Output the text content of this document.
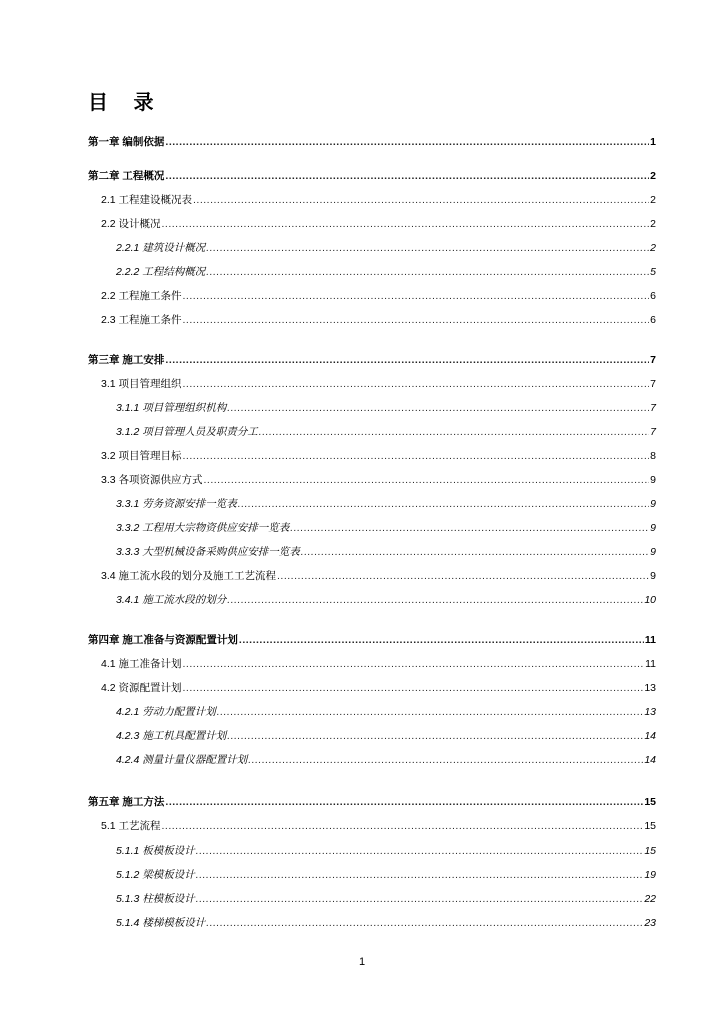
目 录
第一章 编制依据 .....	1
第二章 工程概况 .....	2
2.1 工程建设概况表 .....	2
2.2 设计概况 .....	2
2.2.1 建筑设计概况 .....	2
2.2.2 工程结构概况 .....	5
2.2 工程施工条件 .....	6
2.3 工程施工条件 .....	6
第三章 施工安排 .....	7
3.1 项目管理组织 .....	7
3.1.1 项目管理组织机构 .....	7
3.1.2 项目管理人员及职责分工 .....	7
3.2 项目管理目标 .....	8
3.3 各项资源供应方式 .....	9
3.3.1 劳务资源安排一览表 .....	9
3.3.2 工程用大宗物资供应安排一览表 .....	9
3.3.3 大型机械设备采购供应安排一览表 .....	9
3.4 施工流水段的划分及施工工艺流程 .....	9
3.4.1 施工流水段的划分 .....	10
第四章 施工准备与资源配置计划 .....	11
4.1 施工准备计划 .....	11
4.2 资源配置计划 .....	13
4.2.1 劳动力配置计划 .....	13
4.2.3 施工机具配置计划 .....	14
4.2.4 测量计量仪器配置计划 .....	14
第五章 施工方法 .....	15
5.1 工艺流程 .....	15
5.1.1 板模板设计 .....	15
5.1.2 梁模板设计 .....	19
5.1.3 柱模板设计 .....	22
5.1.4 楼梯模板设计 .....	23
1
